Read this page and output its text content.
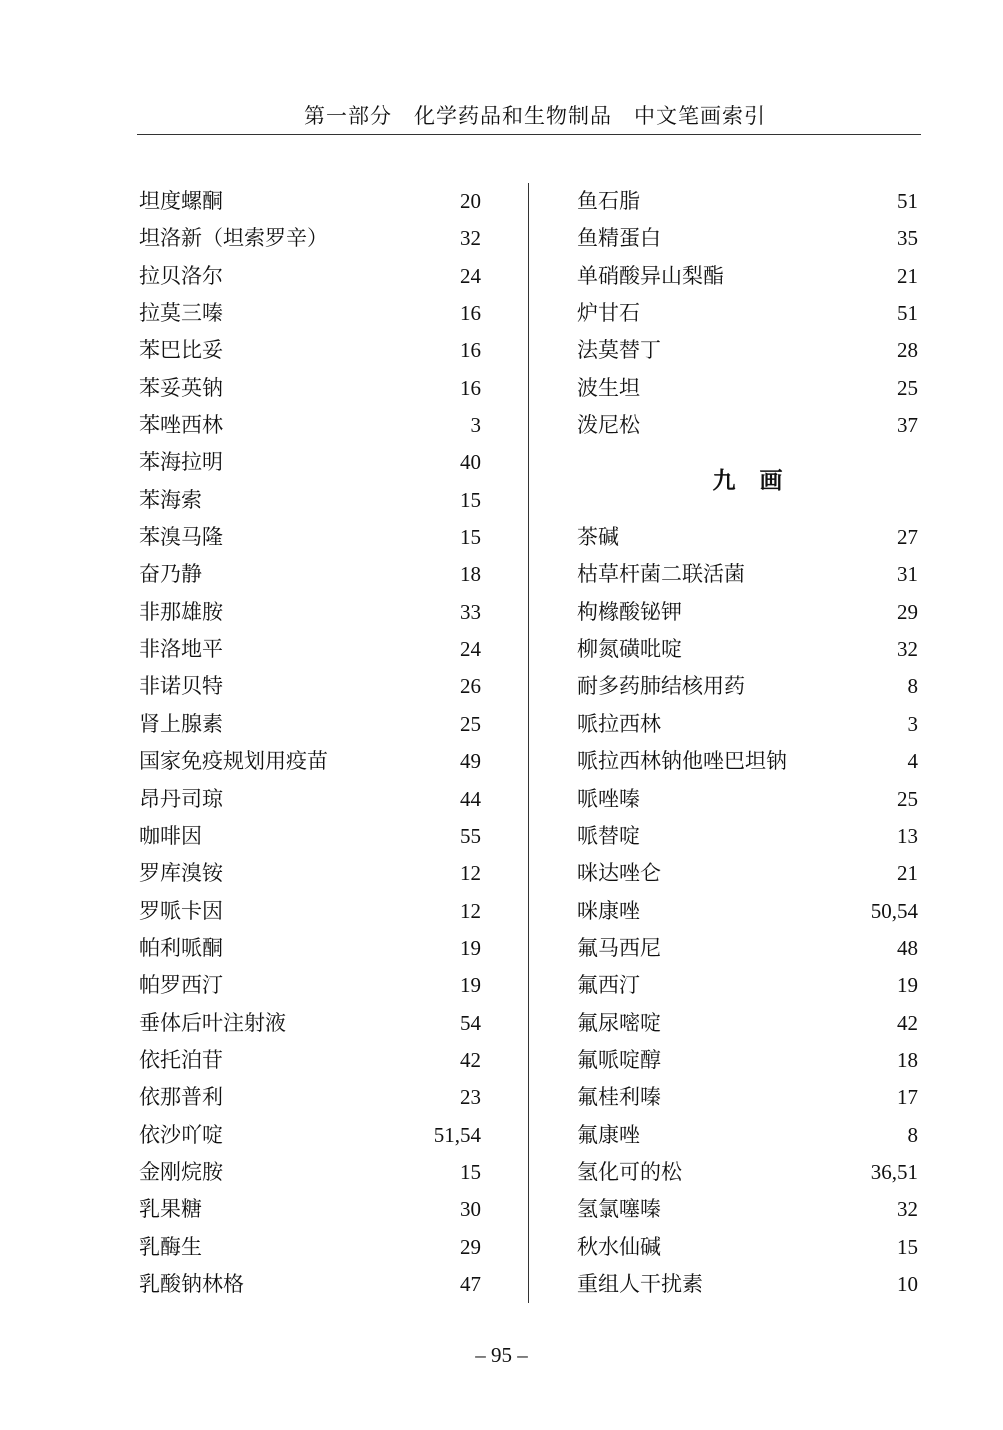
第一部分　化学药品和生物制品　中文笔画索引
坦度螺酮	20
坦洛新（坦索罗辛）	32
拉贝洛尔	24
拉莫三嗪	16
苯巴比妥	16
苯妥英钠	16
苯唑西林	3
苯海拉明	40
苯海索	15
苯溴马隆	15
奋乃静	18
非那雄胺	33
非洛地平	24
非诺贝特	26
肾上腺素	25
国家免疫规划用疫苗	49
昂丹司琼	44
咖啡因	55
罗库溴铵	12
罗哌卡因	12
帕利哌酮	19
帕罗西汀	19
垂体后叶注射液	54
依托泊苷	42
依那普利	23
依沙吖啶	51,54
金刚烷胺	15
乳果糖	30
乳酶生	29
乳酸钠林格	47
鱼石脂	51
鱼精蛋白	35
单硝酸异山梨酯	21
炉甘石	51
法莫替丁	28
波生坦	25
泼尼松	37
九画
茶碱	27
枯草杆菌二联活菌	31
枸橼酸铋钾	29
柳氮磺吡啶	32
耐多药肺结核用药	8
哌拉西林	3
哌拉西林钠他唑巴坦钠	4
哌唑嗪	25
哌替啶	13
咪达唑仑	21
咪康唑	50,54
氟马西尼	48
氟西汀	19
氟尿嘧啶	42
氟哌啶醇	18
氟桂利嗪	17
氟康唑	8
氢化可的松	36,51
氢氯噻嗪	32
秋水仙碱	15
重组人干扰素	10
– 95 –
